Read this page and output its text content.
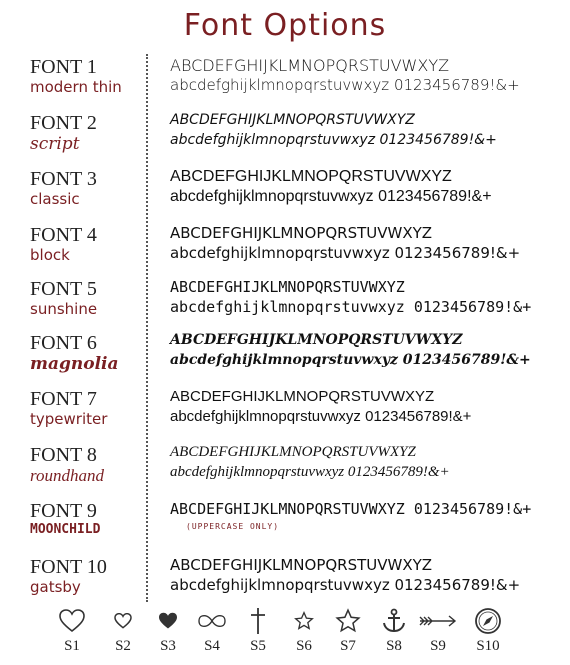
Font Options
FONT 1
modern thin
ABCDEFGHIJKLMNOPQRSTUVWXYZ
abcdefghijklmnopqrstuvwxyz 0123456789!&+
FONT 2
script
ABCDEFGHIJKLMNOPQRSTUVWXYZ
abcdefghijklmnopqrstuvwxyz 0123456789!&+
FONT 3
classic
ABCDEFGHIJKLMNOPQRSTUVWXYZ
abcdefghijklmnopqrstuvwxyz 0123456789!&+
FONT 4
block
ABCDEFGHIJKLMNOPQRSTUVWXYZ
abcdefghijklmnopqrstuvwxyz 0123456789!&+
FONT 5
sunshine
ABCDEFGHIJKLMNOPQRSTUVWXYZ
abcdefghijklmnopqrstuvwxyz 0123456789!&+
FONT 6
magnolia
ABCDEFGHIJKLMNOPQRSTUVWXYZ
abcdefghijklmnopqrstuvwxyz 0123456789!&+
FONT 7
typewriter
ABCDEFGHIJKLMNOPQRSTUVWXYZ
abcdefghijklmnopqrstuvwxyz 0123456789!&+
FONT 8
roundhand
ABCDEFGHIJKLMNOPQRSTUVWXYZ
abcdefghijklmnopqrstuvwxyz 0123456789!&+
FONT 9
MOONCHILD
ABCDEFGHIJKLMNOPQRSTUVWXYZ 0123456789!&+
(UPPERCASE ONLY)
FONT 10
gatsby
ABCDEFGHIJKLMNOPQRSTUVWXYZ
abcdefghijklmnopqrstuvwxyz 0123456789!&+
S1	S2	S3	S4	S5	S6	S7	S8	S9	S10
